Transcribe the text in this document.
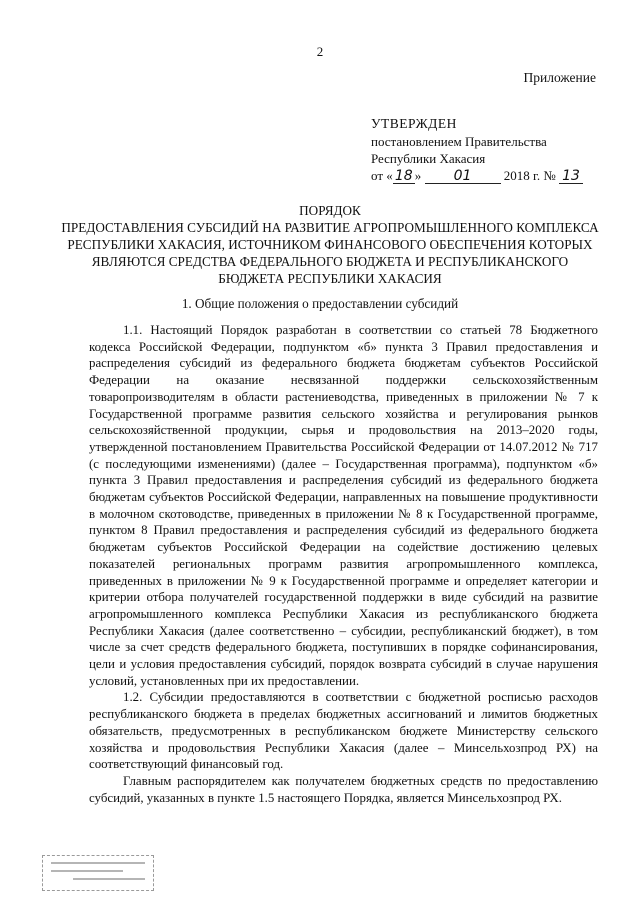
2
Приложение
УТВЕРЖДЕН
постановлением Правительства
Республики Хакасия
от « 18 » 01 2018 г. № 13
ПОРЯДОК
ПРЕДОСТАВЛЕНИЯ СУБСИДИЙ НА РАЗВИТИЕ АГРОПРОМЫШЛЕННОГО КОМПЛЕКСА РЕСПУБЛИКИ ХАКАСИЯ, ИСТОЧНИКОМ ФИНАНСОВОГО ОБЕСПЕЧЕНИЯ КОТОРЫХ ЯВЛЯЮТСЯ СРЕДСТВА ФЕДЕРАЛЬНОГО БЮДЖЕТА И РЕСПУБЛИКАНСКОГО БЮДЖЕТА РЕСПУБЛИКИ ХАКАСИЯ
1. Общие положения о предоставлении субсидий

1.1. Настоящий Порядок разработан в соответствии со статьей 78 Бюджетного кодекса Российской Федерации, подпунктом «б» пункта 3 Правил предоставления и распределения субсидий из федерального бюджета бюджетам субъектов Российской Федерации на оказание несвязанной поддержки сельскохозяйственным товаропроизводителям в области растениеводства, приведенных в приложении № 7 к Государственной программе развития сельского хозяйства и регулирования рынков сельскохозяйственной продукции, сырья и продовольствия на 2013–2020 годы, утвержденной постановлением Правительства Российской Федерации от 14.07.2012 № 717 (с последующими изменениями) (далее – Государственная программа), подпунктом «б» пункта 3 Правил предоставления и распределения субсидий из федерального бюджета бюджетам субъектов Российской Федерации, направленных на повышение продуктивности в молочном скотоводстве, приведенных в приложении № 8 к Государственной программе, пунктом 8 Правил предоставления и распределения субсидий из федерального бюджета бюджетам субъектов Российской Федерации на содействие достижению целевых показателей региональных программ развития агропромышленного комплекса, приведенных в приложении № 9 к Государственной программе и определяет категории и критерии отбора получателей государственной поддержки в виде субсидий на развитие агропромышленного комплекса Республики Хакасия из республиканского бюджета Республики Хакасия (далее соответственно – субсидии, республиканский бюджет), в том числе за счет средств федерального бюджета, поступивших в порядке софинансирования, цели и условия предоставления субсидий, порядок возврата субсидий в случае нарушения условий, установленных при их предоставлении.

1.2. Субсидии предоставляются в соответствии с бюджетной росписью расходов республиканского бюджета в пределах бюджетных ассигнований и лимитов бюджетных обязательств, предусмотренных в республиканском бюджете Министерству сельского хозяйства и продовольствия Республики Хакасия (далее – Минсельхозпрод РХ) на соответствующий финансовый год.

Главным распорядителем как получателем бюджетных средств по предоставлению субсидий, указанных в пункте 1.5 настоящего Порядка, является Минсельхозпрод РХ.
